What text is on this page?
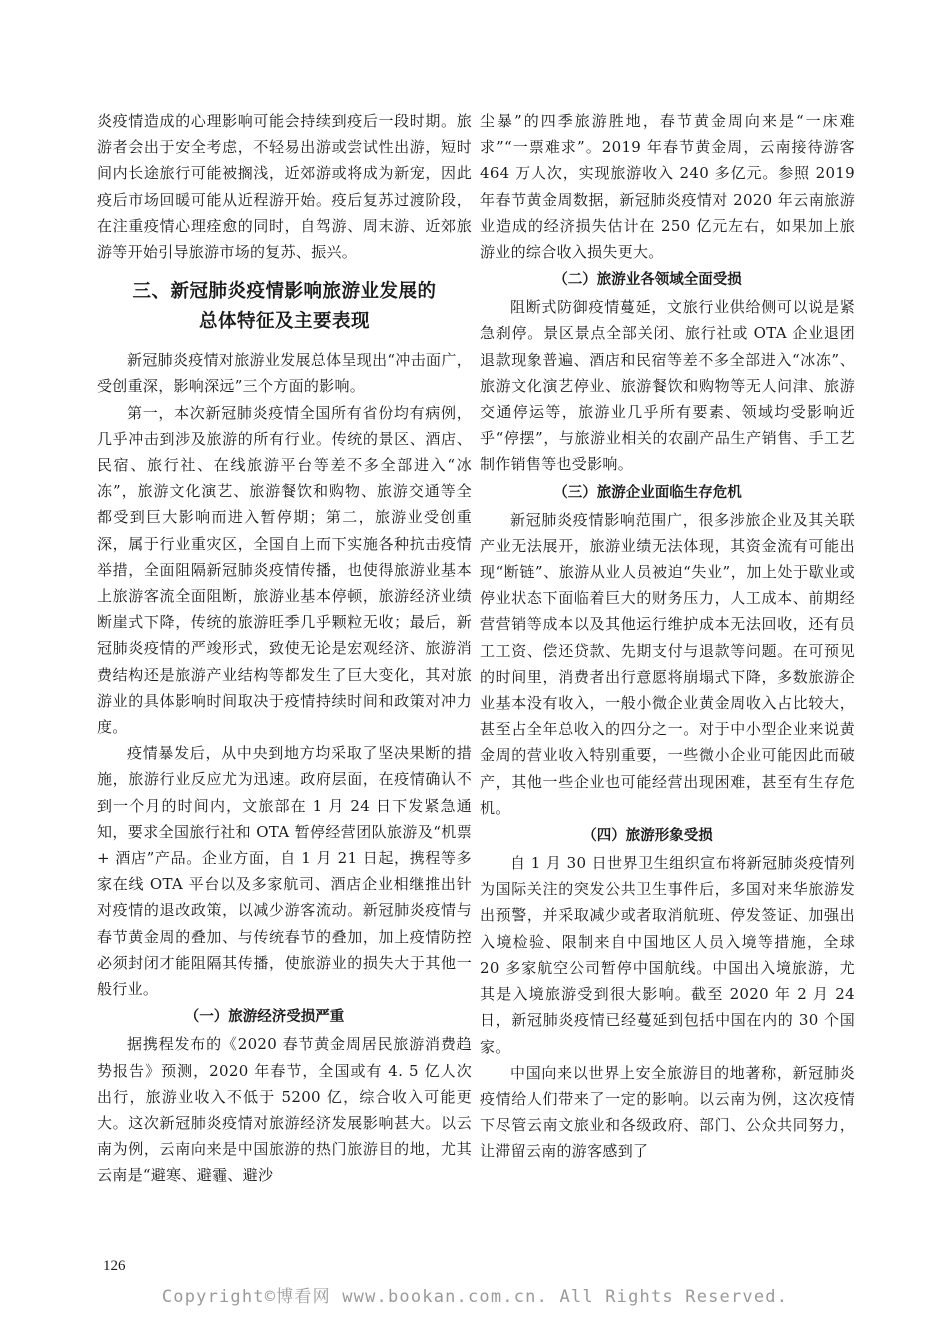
炎疫情造成的心理影响可能会持续到疫后一段时期。旅游者会出于安全考虑，不轻易出游或尝试性出游，短时间内长途旅行可能被搁浅，近郊游或将成为新宠，因此疫后市场回暖可能从近程游开始。疫后复苏过渡阶段，在注重疫情心理痊愈的同时，自驾游、周末游、近郊旅游等开始引导旅游市场的复苏、振兴。

三、新冠肺炎疫情影响旅游业发展的
总体特征及主要表现

新冠肺炎疫情对旅游业发展总体呈现出“冲击面广，受创重深，影响深远”三个方面的影响。

第一，本次新冠肺炎疫情全国所有省份均有病例，几乎冲击到涉及旅游的所有行业。传统的景区、酒店、民宿、旅行社、在线旅游平台等差不多全部进入“冰冻”，旅游文化演艺、旅游餐饮和购物、旅游交通等全都受到巨大影响而进入暂停期；第二，旅游业受创重深，属于行业重灾区，全国自上而下实施各种抗击疫情举措，全面阻隔新冠肺炎疫情传播，也使得旅游业基本上旅游客流全面阻断，旅游业基本停顿，旅游经济业绩断崖式下降，传统的旅游旺季几乎颗粒无收；最后，新冠肺炎疫情的严竣形式，致使无论是宏观经济、旅游消费结构还是旅游产业结构等都发生了巨大变化，其对旅游业的具体影响时间取决于疫情持续时间和政策对冲力度。

疫情暴发后，从中央到地方均采取了坚决果断的措施，旅游行业反应尤为迅速。政府层面，在疫情确认不到一个月的时间内，文旅部在 1 月 24 日下发紧急通知，要求全国旅行社和 OTA 暂停经营团队旅游及“机票 + 酒店”产品。企业方面，自 1 月 21 日起，携程等多家在线 OTA 平台以及多家航司、酒店企业相继推出针对疫情的退改政策，以减少游客流动。新冠肺炎疫情与春节黄金周的叠加、与传统春节的叠加，加上疫情防控必须封闭才能阻隔其传播，使旅游业的损失大于其他一般行业。

（一）旅游经济受损严重

据携程发布的《2020 春节黄金周居民旅游消费趋势报告》预测，2020 年春节，全国或有 4. 5 亿人次出行，旅游业收入不低于 5200 亿，综合收入可能更大。这次新冠肺炎疫情对旅游经济发展影响甚大。以云南为例，云南向来是中国旅游的热门旅游目的地，尤其云南是“避寒、避霾、避沙

尘暴”的四季旅游胜地，春节黄金周向来是“一床难求”“一票难求”。2019 年春节黄金周，云南接待游客 464 万人次，实现旅游收入 240 多亿元。参照 2019 年春节黄金周数据，新冠肺炎疫情对 2020 年云南旅游业造成的经济损失估计在 250 亿元左右，如果加上旅游业的综合收入损失更大。

（二）旅游业各领域全面受损

阻断式防御疫情蔓延，文旅行业供给侧可以说是紧急刹停。景区景点全部关闭、旅行社或 OTA 企业退团退款现象普遍、酒店和民宿等差不多全部进入“冰冻”、旅游文化演艺停业、旅游餐饮和购物等无人问津、旅游交通停运等，旅游业几乎所有要素、领域均受影响近乎“停摆”，与旅游业相关的农副产品生产销售、手工艺制作销售等也受影响。

（三）旅游企业面临生存危机

新冠肺炎疫情影响范围广，很多涉旅企业及其关联产业无法展开，旅游业绩无法体现，其资金流有可能出现“断链”、旅游从业人员被迫“失业”，加上处于歇业或停业状态下面临着巨大的财务压力，人工成本、前期经营营销等成本以及其他运行维护成本无法回收，还有员工工资、偿还贷款、先期支付与退款等问题。在可预见的时间里，消费者出行意愿将崩塌式下降，多数旅游企业基本没有收入，一般小微企业黄金周收入占比较大，甚至占全年总收入的四分之一。对于中小型企业来说黄金周的营业收入特别重要，一些微小企业可能因此而破产，其他一些企业也可能经营出现困难，甚至有生存危机。

（四）旅游形象受损

自 1 月 30 日世界卫生组织宣布将新冠肺炎疫情列为国际关注的突发公共卫生事件后，多国对来华旅游发出预警，并采取减少或者取消航班、停发签证、加强出入境检验、限制来自中国地区人员入境等措施，全球 20 多家航空公司暂停中国航线。中国出入境旅游，尤其是入境旅游受到很大影响。截至 2020 年 2 月 24 日，新冠肺炎疫情已经蔓延到包括中国在内的 30 个国家。

中国向来以世界上安全旅游目的地著称，新冠肺炎疫情给人们带来了一定的影响。以云南为例，这次疫情下尽管云南文旅业和各级政府、部门、公众共同努力，让滞留云南的游客感到了

126
Copyright©博看网 www.bookan.com.cn. All Rights Reserved.
